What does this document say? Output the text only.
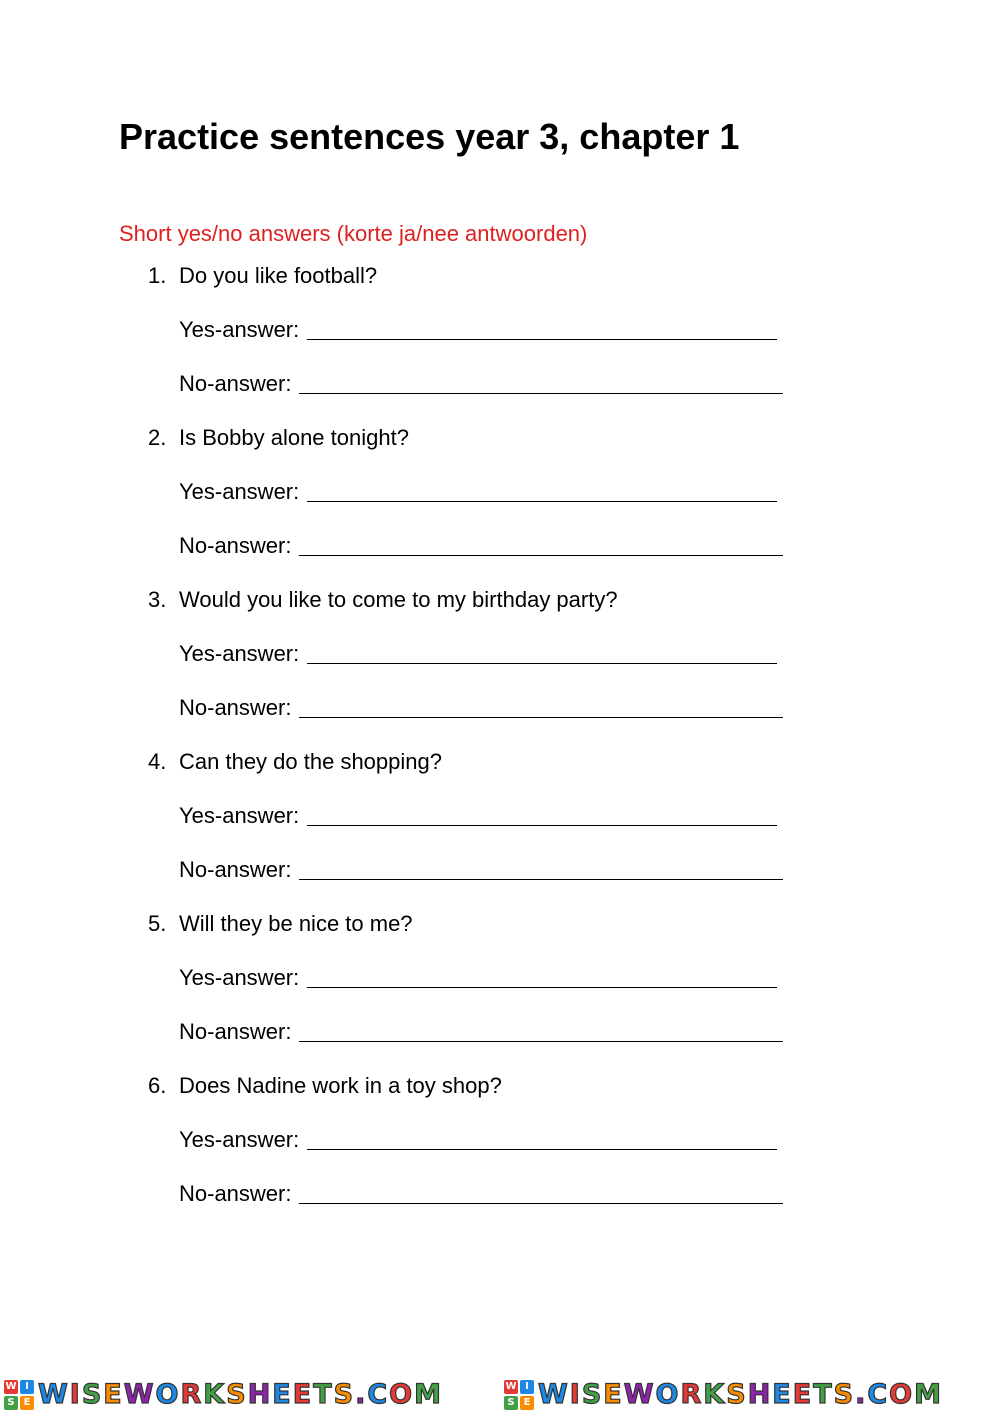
Practice sentences year 3, chapter 1
Short yes/no answers (korte ja/nee antwoorden)
1. Do you like football?
Yes-answer:
No-answer:
2. Is Bobby alone tonight?
Yes-answer:
No-answer:
3. Would you like to come to my birthday party?
Yes-answer:
No-answer:
4. Can they do the shopping?
Yes-answer:
No-answer:
5. Will they be nice to me?
Yes-answer:
No-answer:
6. Does Nadine work in a toy shop?
Yes-answer:
No-answer:
W I
S E WISEWORKSHEETS.COM	W I
S E WISEWORKSHEETS.COM
